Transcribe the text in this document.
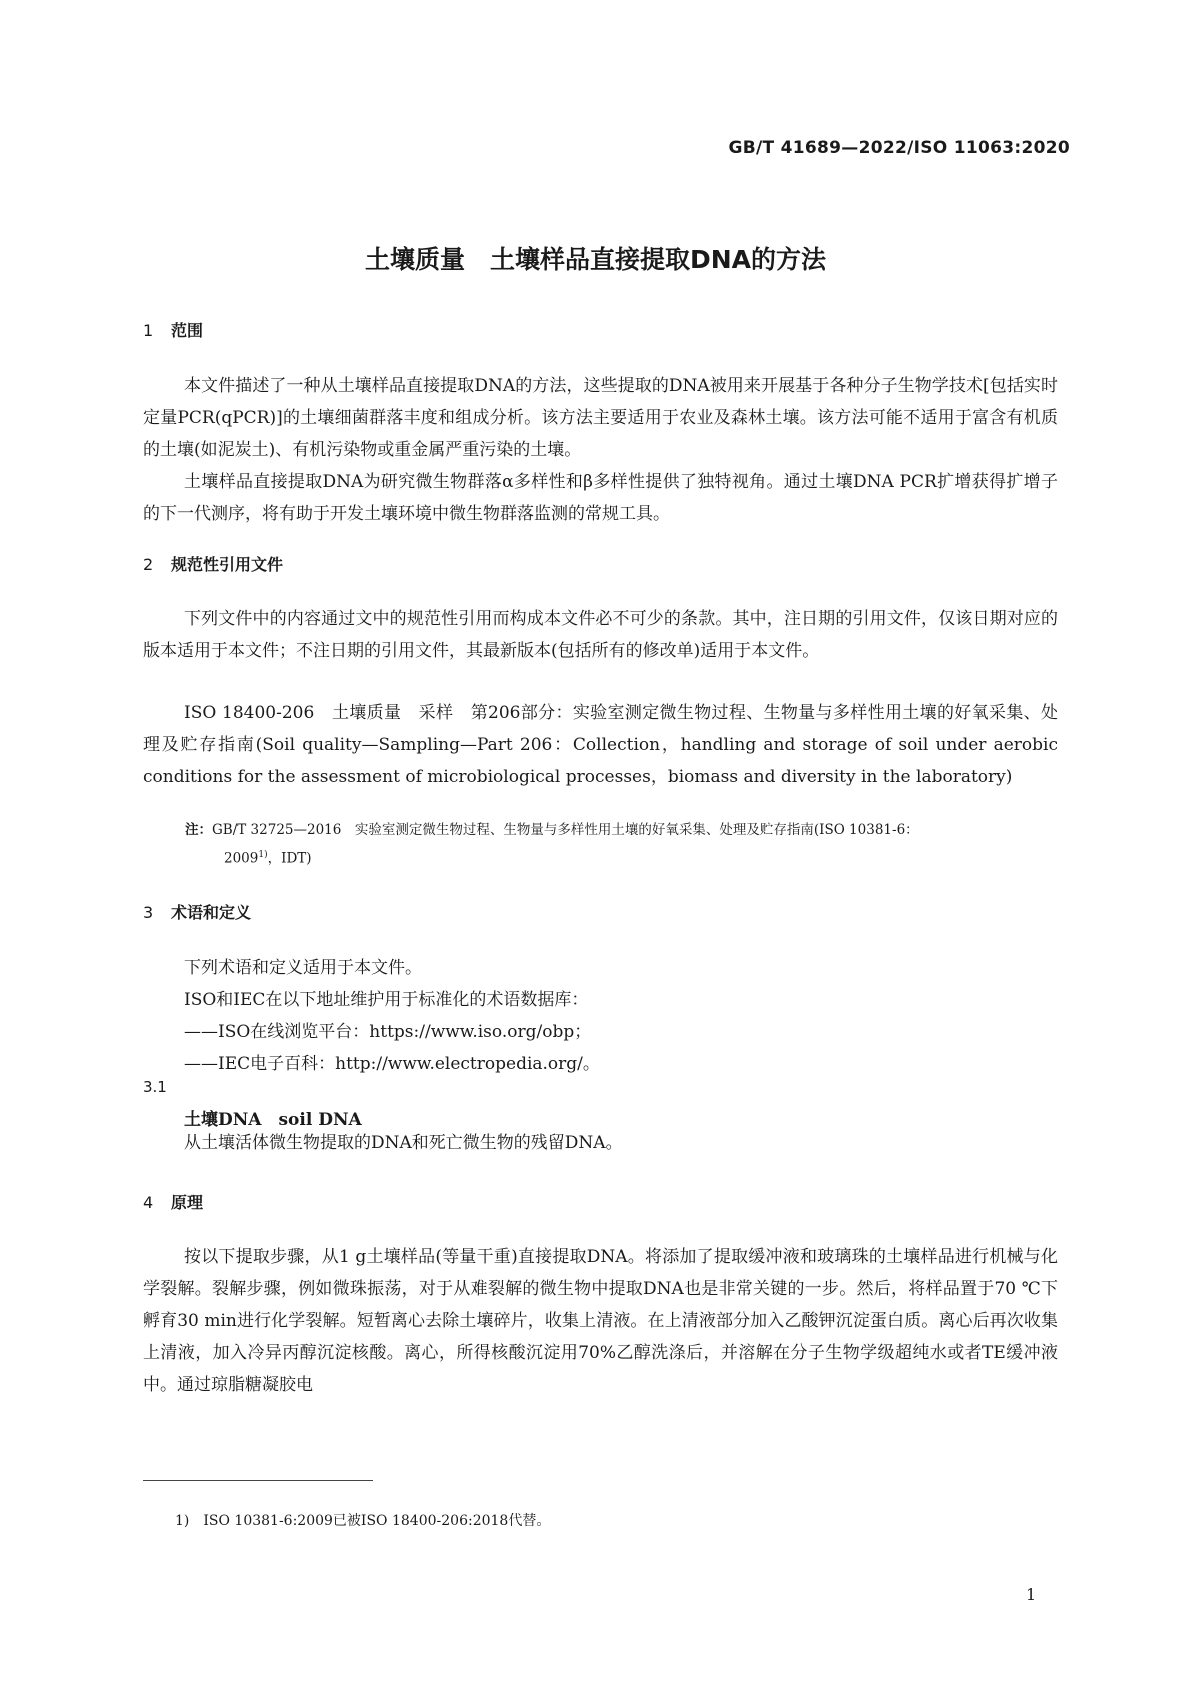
GB/T 41689—2022/ISO 11063:2020
土壤质量　土壤样品直接提取DNA的方法
1 范围
本文件描述了一种从土壤样品直接提取DNA的方法，这些提取的DNA被用来开展基于各种分子生物学技术[包括实时定量PCR(qPCR)]的土壤细菌群落丰度和组成分析。该方法主要适用于农业及森林土壤。该方法可能不适用于富含有机质的土壤(如泥炭土)、有机污染物或重金属严重污染的土壤。
土壤样品直接提取DNA为研究微生物群落α多样性和β多样性提供了独特视角。通过土壤DNA PCR扩增获得扩增子的下一代测序，将有助于开发土壤环境中微生物群落监测的常规工具。
2 规范性引用文件
下列文件中的内容通过文中的规范性引用而构成本文件必不可少的条款。其中，注日期的引用文件，仅该日期对应的版本适用于本文件；不注日期的引用文件，其最新版本(包括所有的修改单)适用于本文件。
ISO 18400-206　土壤质量　采样　第206部分：实验室测定微生物过程、生物量与多样性用土壤的好氧采集、处理及贮存指南(Soil quality—Sampling—Part 206：Collection，handling and storage of soil under aerobic conditions for the assessment of microbiological processes，biomass and diversity in the laboratory)
注：GB/T 32725—2016　实验室测定微生物过程、生物量与多样性用土壤的好氧采集、处理及贮存指南(ISO 10381-6：
2009$^{1)}$，IDT)
3 术语和定义
下列术语和定义适用于本文件。
ISO和IEC在以下地址维护用于标准化的术语数据库：
——ISO在线浏览平台：https://www.iso.org/obp；
——IEC电子百科：http://www.electropedia.org/。
3.1
土壤DNA　soil DNA
从土壤活体微生物提取的DNA和死亡微生物的残留DNA。
4 原理
按以下提取步骤，从1 g土壤样品(等量干重)直接提取DNA。将添加了提取缓冲液和玻璃珠的土壤样品进行机械与化学裂解。裂解步骤，例如微珠振荡，对于从难裂解的微生物中提取DNA也是非常关键的一步。然后，将样品置于70 ℃下孵育30 min进行化学裂解。短暂离心去除土壤碎片，收集上清液。在上清液部分加入乙酸钾沉淀蛋白质。离心后再次收集上清液，加入冷异丙醇沉淀核酸。离心，所得核酸沉淀用70%乙醇洗涤后，并溶解在分子生物学级超纯水或者TE缓冲液中。通过琼脂糖凝胶电
1)　ISO 10381-6:2009已被ISO 18400-206:2018代替。
1
